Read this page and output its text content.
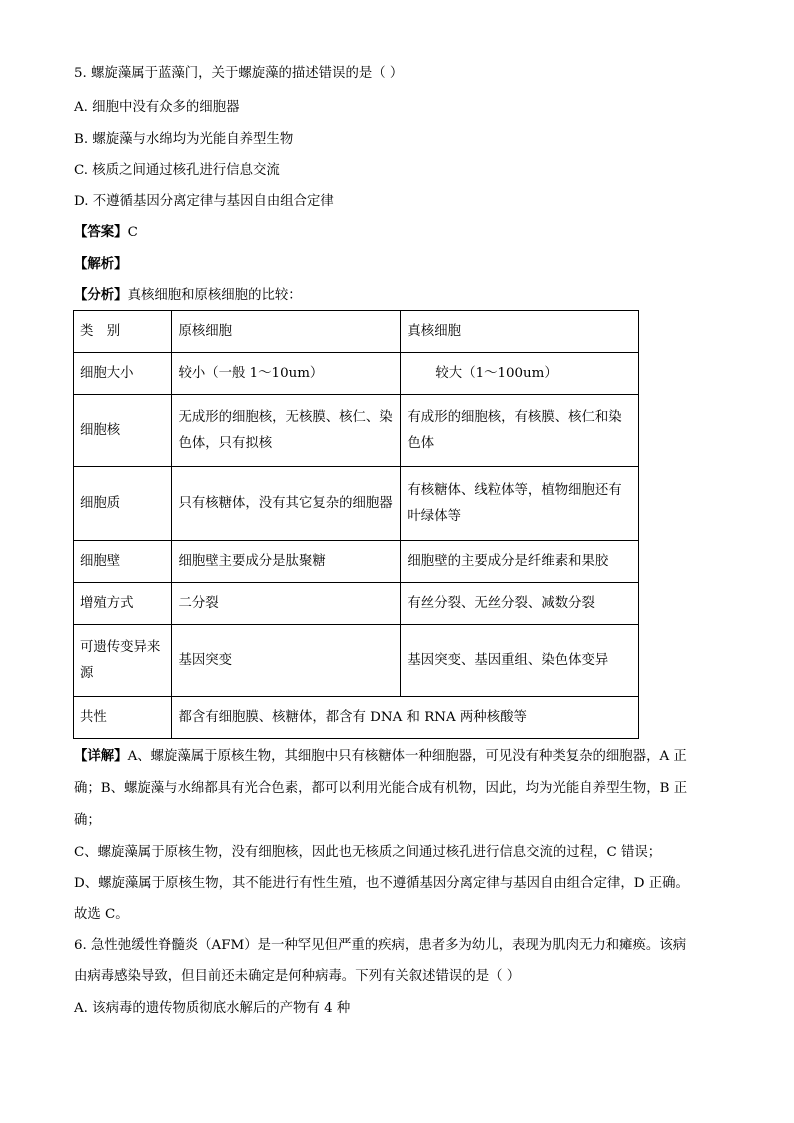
5. 螺旋藻属于蓝藻门，关于螺旋藻的描述错误的是（ ）
A. 细胞中没有众多的细胞器
B. 螺旋藻与水绵均为光能自养型生物
C. 核质之间通过核孔进行信息交流
D. 不遵循基因分离定律与基因自由组合定律
【答案】C
【解析】
【分析】真核细胞和原核细胞的比较：
类　别	原核细胞	真核细胞
细胞大小	较小（一般 1～10um）	较大（1～100um）
细胞核	无成形的细胞核，无核膜、核仁、染色体，只有拟核	有成形的细胞核，有核膜、核仁和染色体
细胞质	只有核糖体，没有其它复杂的细胞器	有核糖体、线粒体等，植物细胞还有叶绿体等
细胞壁	细胞壁主要成分是肽聚糖	细胞壁的主要成分是纤维素和果胶
增殖方式	二分裂	有丝分裂、无丝分裂、减数分裂
可遗传变异来源	基因突变	基因突变、基因重组、染色体变异
共性	都含有细胞膜、核糖体，都含有 DNA 和 RNA 两种核酸等	
【详解】A、螺旋藻属于原核生物，其细胞中只有核糖体一种细胞器，可见没有种类复杂的细胞器，A 正
确；B、螺旋藻与水绵都具有光合色素，都可以利用光能合成有机物，因此，均为光能自养型生物，B 正
确；
C、螺旋藻属于原核生物，没有细胞核，因此也无核质之间通过核孔进行信息交流的过程，C 错误；
D、螺旋藻属于原核生物，其不能进行有性生殖，也不遵循基因分离定律与基因自由组合定律，D 正确。
故选 C。
6. 急性弛缓性脊髓炎（AFM）是一种罕见但严重的疾病，患者多为幼儿，表现为肌肉无力和瘫痪。该病
由病毒感染导致，但目前还未确定是何种病毒。下列有关叙述错误的是（ ）
A. 该病毒的遗传物质彻底水解后的产物有 4 种
